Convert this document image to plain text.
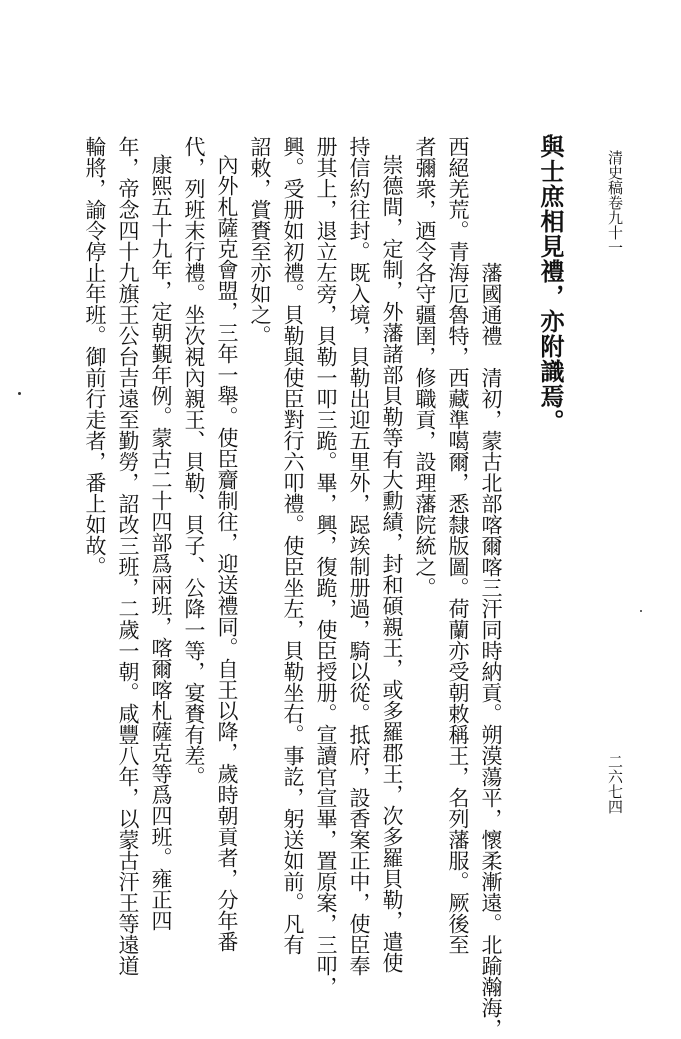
清史稿卷九十一
二六七四
與士庶相見禮，亦附識焉。
藩國通禮　清初，蒙古北部喀爾喀三汗同時納貢。朔漠蕩平，懷柔漸遠。北踰瀚海，
西絕羌荒。青海厄魯特，西藏準噶爾，悉隸版圖。荷蘭亦受朝敕稱王，名列藩服。厥後至
者彌衆，迺令各守疆圉，修職貢，設理藩院統之。
崇德間，定制，外藩諸部貝勒等有大勳績，封和碩親王，或多羅郡王，次多羅貝勒，遣使
持信約往封。既入境，貝勒出迎五里外，跽竢制册過，騎以從。抵府，設香案正中，使臣奉
册其上，退立左旁，貝勒一叩三跪。畢，興，復跪，使臣授册。宣讀官宣畢，置原案，三叩，
興。受册如初禮。貝勒與使臣對行六叩禮。使臣坐左，貝勒坐右。事訖，躬送如前。凡有
詔敕，賞賚至亦如之。
內外札薩克會盟，三年一舉。使臣齎制往，迎送禮同。自王以降，歲時朝貢者，分年番
代，列班末行禮。坐次視內親王、貝勒、貝子、公降一等，宴賚有差。
康熙五十九年，定朝覲年例。蒙古二十四部爲兩班，喀爾喀札薩克等爲四班。雍正四
年，帝念四十九旗王公台吉遠至勤勞，詔改三班，二歲一朝。咸豐八年，以蒙古汗王等遠道
輪將，諭令停止年班。御前行走者，番上如故。
